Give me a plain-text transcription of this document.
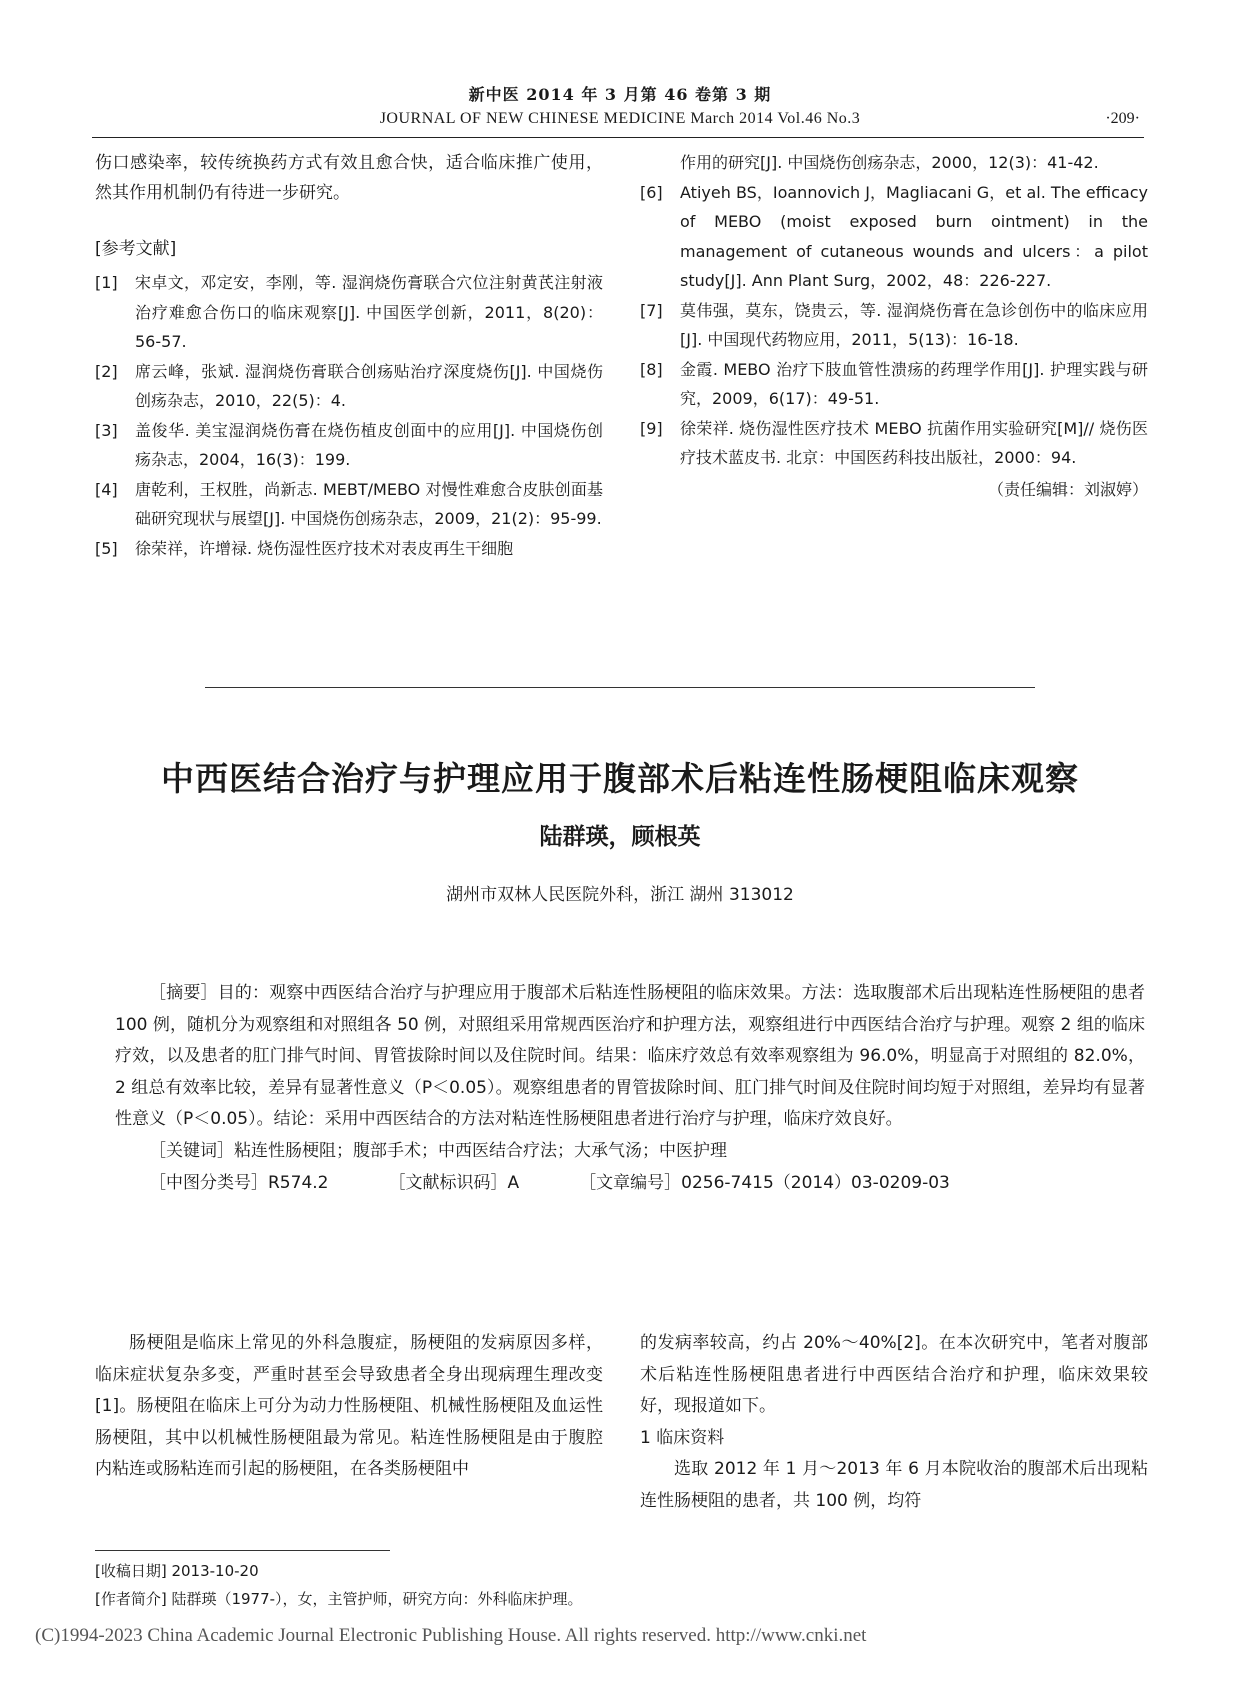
新中医 2014 年 3 月第 46 卷第 3 期
JOURNAL OF NEW CHINESE MEDICINE March 2014 Vol.46 No.3	·209·

伤口感染率，较传统换药方式有效且愈合快，适合临床推广使用，然其作用机制仍有待进一步研究。

[参考文献]

[1]	宋卓文，邓定安，李刚，等. 湿润烧伤膏联合穴位注射黄芪注射液治疗难愈合伤口的临床观察[J]. 中国医学创新，2011，8(20)：56-57.
[2]	席云峰，张斌. 湿润烧伤膏联合创疡贴治疗深度烧伤[J]. 中国烧伤创疡杂志，2010，22(5)：4.
[3]	盖俊华. 美宝湿润烧伤膏在烧伤植皮创面中的应用[J]. 中国烧伤创疡杂志，2004，16(3)：199.
[4]	唐乾利，王权胜，尚新志. MEBT/MEBO 对慢性难愈合皮肤创面基础研究现状与展望[J]. 中国烧伤创疡杂志，2009，21(2)：95-99.
[5]	徐荣祥，许增禄. 烧伤湿性医疗技术对表皮再生干细胞
作用的研究[J]. 中国烧伤创疡杂志，2000，12(3)：41-42.
[6]	Atiyeh BS，Ioannovich J，Magliacani G，et al. The efficacy of MEBO (moist exposed burn ointment) in the management of cutaneous wounds and ulcers：a pilot study[J]. Ann Plant Surg，2002，48：226-227.
[7]	莫伟强，莫东，饶贵云，等. 湿润烧伤膏在急诊创伤中的临床应用[J]. 中国现代药物应用，2011，5(13)：16-18.
[8]	金霞. MEBO 治疗下肢血管性溃疡的药理学作用[J]. 护理实践与研究，2009，6(17)：49-51.
[9]	徐荣祥. 烧伤湿性医疗技术 MEBO 抗菌作用实验研究[M]// 烧伤医疗技术蓝皮书. 北京：中国医药科技出版社，2000：94.
（责任编辑：刘淑婷）
中西医结合治疗与护理应用于腹部术后粘连性肠梗阻临床观察
陆群瑛，顾根英
湖州市双林人民医院外科，浙江 湖州 313012

［摘要］目的：观察中西医结合治疗与护理应用于腹部术后粘连性肠梗阻的临床效果。方法：选取腹部术后出现粘连性肠梗阻的患者 100 例，随机分为观察组和对照组各 50 例，对照组采用常规西医治疗和护理方法，观察组进行中西医结合治疗与护理。观察 2 组的临床疗效，以及患者的肛门排气时间、胃管拔除时间以及住院时间。结果：临床疗效总有效率观察组为 96.0%，明显高于对照组的 82.0%，2 组总有效率比较，差异有显著性意义（P＜0.05）。观察组患者的胃管拔除时间、肛门排气时间及住院时间均短于对照组，差异均有显著性意义（P＜0.05）。结论：采用中西医结合的方法对粘连性肠梗阻患者进行治疗与护理，临床疗效良好。

［关键词］粘连性肠梗阻；腹部手术；中西医结合疗法；大承气汤；中医护理

［中图分类号］R574.2	［文献标识码］A	［文章编号］0256-7415（2014）03-0209-03

肠梗阻是临床上常见的外科急腹症，肠梗阻的发病原因多样，临床症状复杂多变，严重时甚至会导致患者全身出现病理生理改变[1]。肠梗阻在临床上可分为动力性肠梗阻、机械性肠梗阻及血运性肠梗阻，其中以机械性肠梗阻最为常见。粘连性肠梗阻是由于腹腔内粘连或肠粘连而引起的肠梗阻，在各类肠梗阻中

的发病率较高，约占 20%～40%[2]。在本次研究中，笔者对腹部术后粘连性肠梗阻患者进行中西医结合治疗和护理，临床效果较好，现报道如下。

1 临床资料

选取 2012 年 1 月～2013 年 6 月本院收治的腹部术后出现粘连性肠梗阻的患者，共 100 例，均符

[收稿日期] 2013-10-20
[作者简介] 陆群瑛（1977-），女，主管护师，研究方向：外科临床护理。
(C)1994-2023 China Academic Journal Electronic Publishing House. All rights reserved. http://www.cnki.net
